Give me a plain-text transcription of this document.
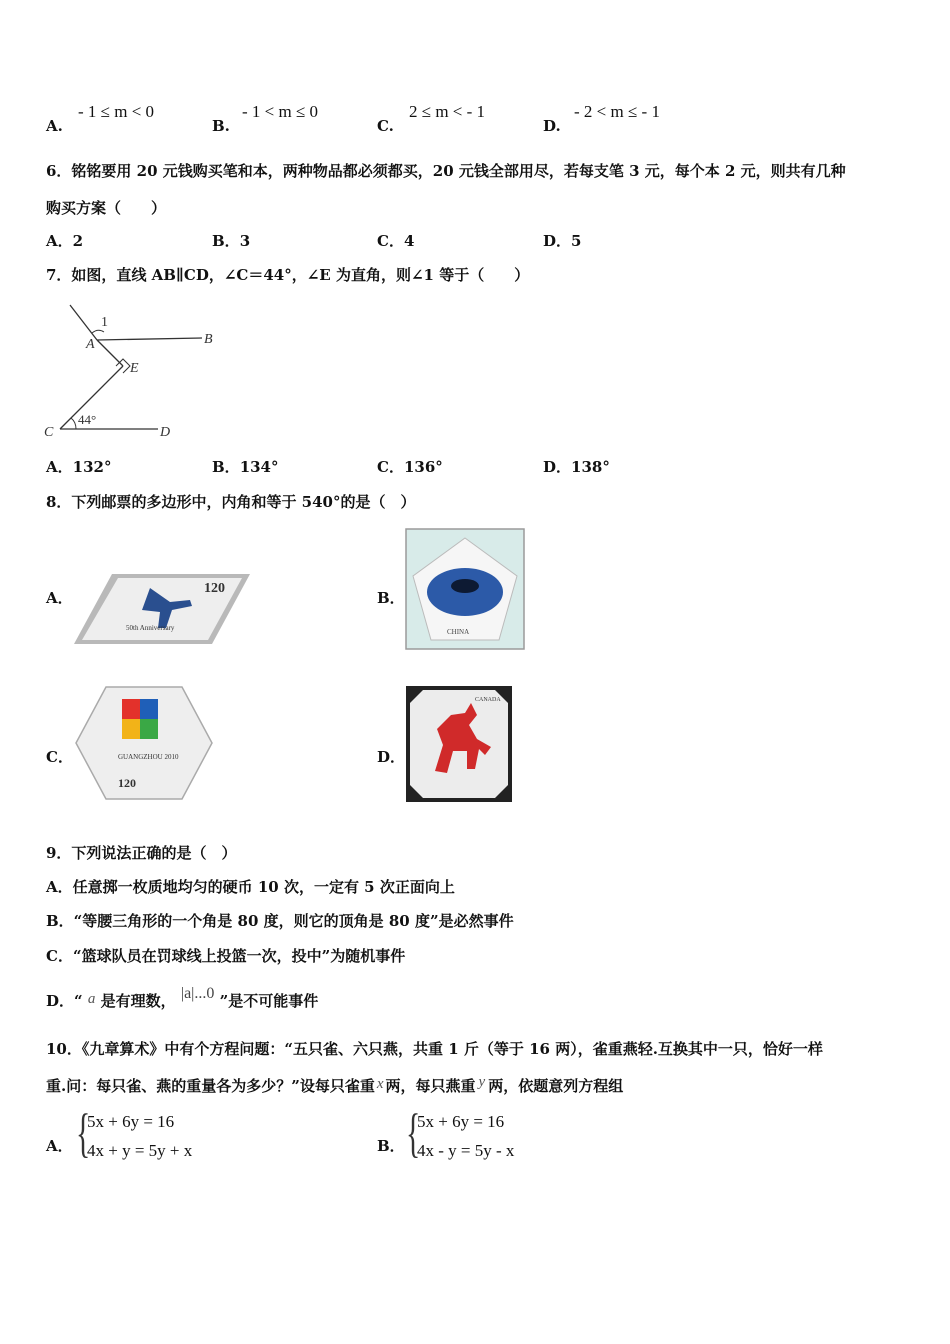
A.
- 1 ≤ m < 0
B.
- 1 < m ≤ 0
C.
2 ≤ m < - 1
D.
- 2 < m ≤ - 1
6．铭铭要用 20 元钱购买笔和本，两种物品都必须都买，20 元钱全部用尽，若每支笔 3 元，每个本 2 元，则共有几种
购买方案（　　）
A．2	B．3	C．4	D．5
7．如图，直线 AB∥CD，∠C＝44°，∠E 为直角，则∠1 等于（　　）
1
A	B
E
C	D
44°
A．132°	B．134°	C．136°	D．138°
8．下列邮票的多边形中，内角和等于 540°的是（　）
A．
120
50th Anniversary
B．
CHINA
C．	GUANGZHOU 2010
120
D．
CANADA
9．下列说法正确的是（　）
A．任意掷一枚质地均匀的硬币 10 次，一定有 5 次正面向上
B．“等腰三角形的一个角是 80 度，则它的顶角是 80 度”是必然事件
C．“篮球队员在罚球线上投篮一次，投中”为随机事件
D．“ a 是有理数， |a|...0 ”是不可能事件
10．《九章算术》中有个方程问题：“五只雀、六只燕，共重 1 斤（等于 16 两），雀重燕轻.互换其中一只，恰好一样
重.问：每只雀、燕的重量各为多少？”设每只雀重 x 两，每只燕重 y 两，依题意列方程组
A． {
5x + 6y = 16
4x + y = 5y + x	B． {
5x + 6y = 16
4x - y = 5y - x
